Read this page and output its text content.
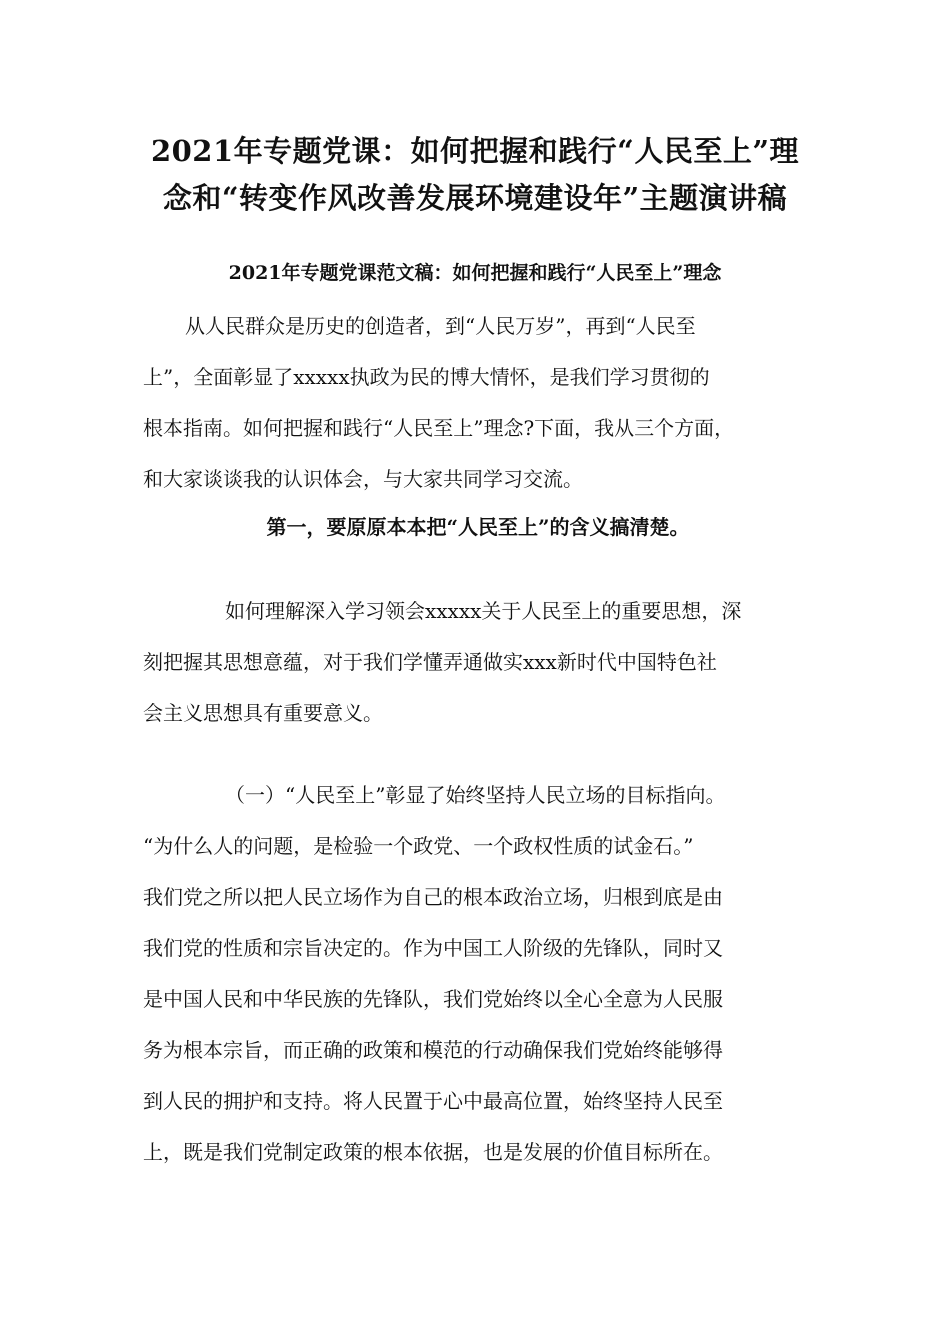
2021年专题党课：如何把握和践行“人民至上”理
念和“转变作风改善发展环境建设年”主题演讲稿
2021年专题党课范文稿：如何把握和践行“人民至上”理念
从人民群众是历史的创造者，到“人民万岁”，再到“人民至
上”，全面彰显了xxxxx执政为民的博大情怀，是我们学习贯彻的
根本指南。如何把握和践行“人民至上”理念?下面，我从三个方面，
和大家谈谈我的认识体会，与大家共同学习交流。
第一，要原原本本把“人民至上”的含义搞清楚。
如何理解深入学习领会xxxxx关于人民至上的重要思想，深
刻把握其思想意蕴，对于我们学懂弄通做实xxx新时代中国特色社
会主义思想具有重要意义。
（一）“人民至上”彰显了始终坚持人民立场的目标指向。
“为什么人的问题，是检验一个政党、一个政权性质的试金石。”
我们党之所以把人民立场作为自己的根本政治立场，归根到底是由
我们党的性质和宗旨决定的。作为中国工人阶级的先锋队，同时又
是中国人民和中华民族的先锋队，我们党始终以全心全意为人民服
务为根本宗旨，而正确的政策和模范的行动确保我们党始终能够得
到人民的拥护和支持。将人民置于心中最高位置，始终坚持人民至
上，既是我们党制定政策的根本依据，也是发展的价值目标所在。
